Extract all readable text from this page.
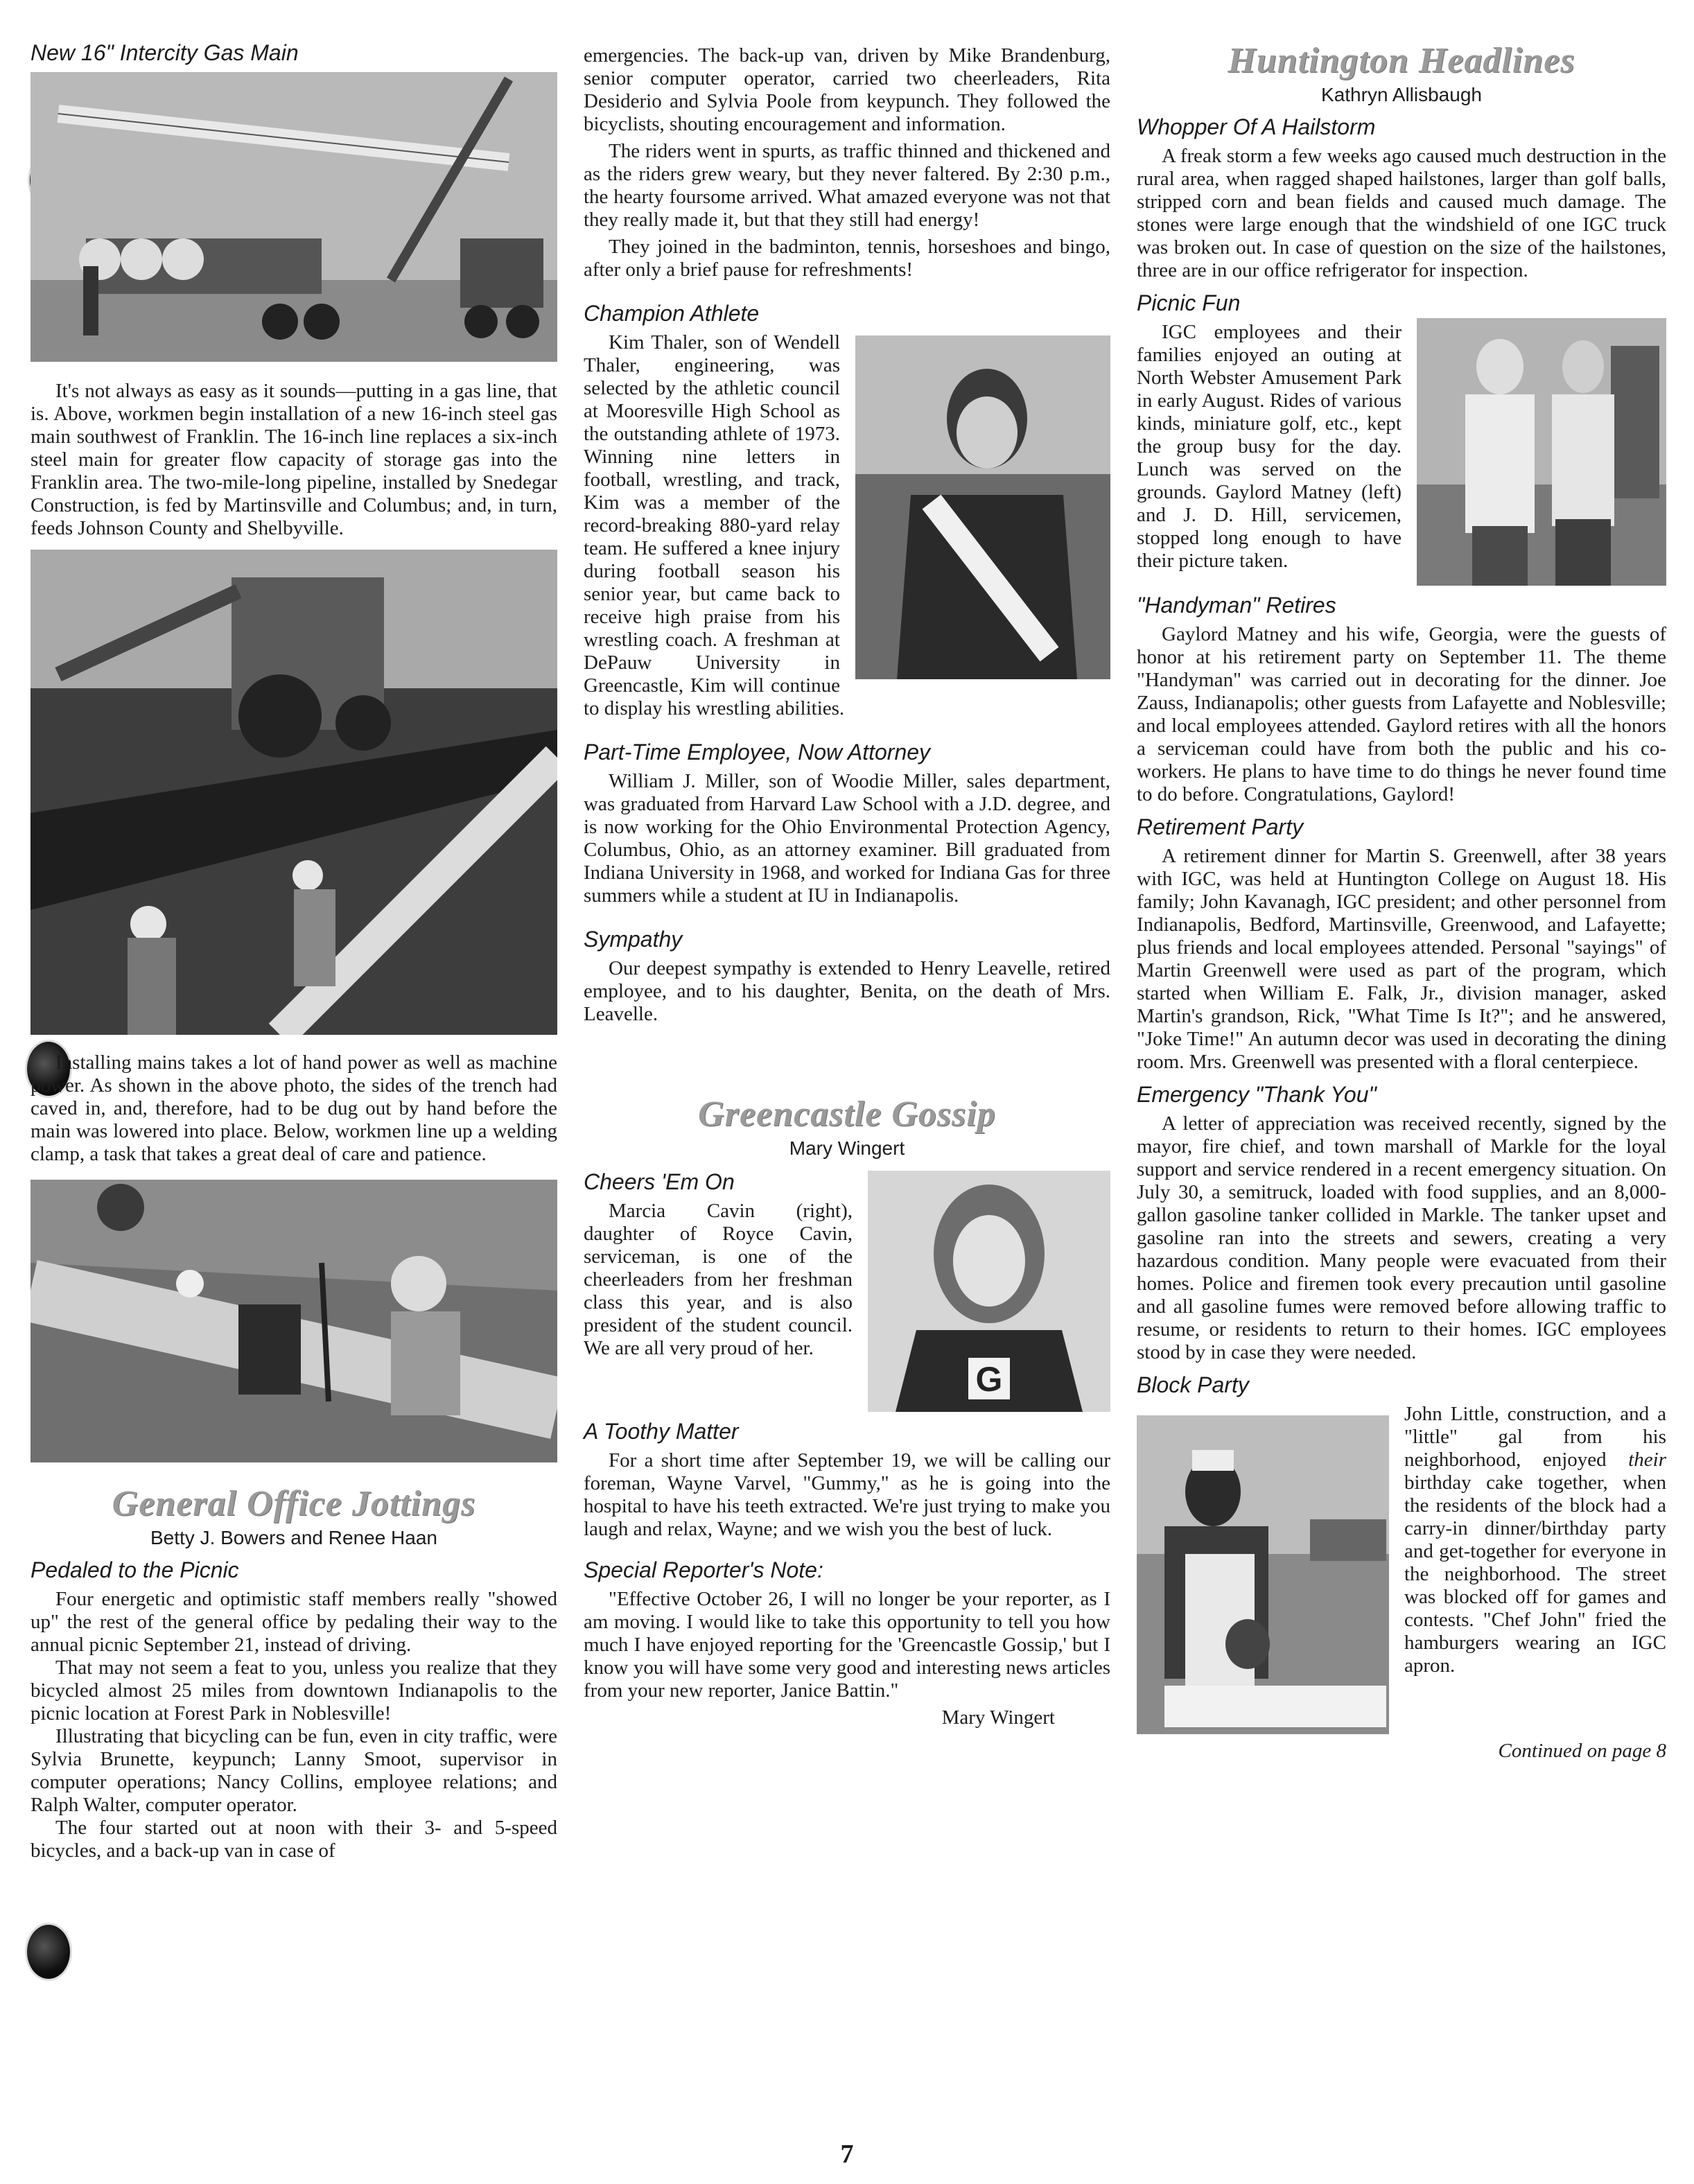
New 16" Intercity Gas Main

It's not always as easy as it sounds—putting in a gas line, that is. Above, workmen begin installation of a new 16-inch steel gas main southwest of Franklin. The 16-inch line replaces a six-inch steel main for greater flow capacity of storage gas into the Franklin area. The two-mile-long pipeline, installed by Snedegar Construction, is fed by Martinsville and Columbus; and, in turn, feeds Johnson County and Shelbyville.

Installing mains takes a lot of hand power as well as machine power. As shown in the above photo, the sides of the trench had caved in, and, therefore, had to be dug out by hand before the main was lowered into place. Below, workmen line up a welding clamp, a task that takes a great deal of care and patience.

General Office Jottings
Betty J. Bowers and Renee Haan
Pedaled to the Picnic

Four energetic and optimistic staff members really "showed up" the rest of the general office by pedaling their way to the annual picnic September 21, instead of driving.

That may not seem a feat to you, unless you realize that they bicycled almost 25 miles from downtown Indianapolis to the picnic location at Forest Park in Noblesville!

Illustrating that bicycling can be fun, even in city traffic, were Sylvia Brunette, keypunch; Lanny Smoot, supervisor in computer operations; Nancy Collins, employee relations; and Ralph Walter, computer operator.

The four started out at noon with their 3- and 5-speed bicycles, and a back-up van in case of

emergencies. The back-up van, driven by Mike Brandenburg, senior computer operator, carried two cheerleaders, Rita Desiderio and Sylvia Poole from keypunch. They followed the bicyclists, shouting encouragement and information.

The riders went in spurts, as traffic thinned and thickened and as the riders grew weary, but they never faltered. By 2:30 p.m., the hearty foursome arrived. What amazed everyone was not that they really made it, but that they still had energy!

They joined in the badminton, tennis, horseshoes and bingo, after only a brief pause for refreshments!

Champion Athlete

Kim Thaler, son of Wendell Thaler, engineering, was selected by the athletic council at Mooresville High School as the outstanding athlete of 1973. Winning nine letters in football, wrestling, and track, Kim was a member of the record-breaking 880-yard relay team. He suffered a knee injury during football season his senior year, but came back to receive high praise from his wrestling coach. A freshman at DePauw University in Greencastle, Kim will continue to display his wrestling abilities.

Part-Time Employee, Now Attorney

William J. Miller, son of Woodie Miller, sales department, was graduated from Harvard Law School with a J.D. degree, and is now working for the Ohio Environmental Protection Agency, Columbus, Ohio, as an attorney examiner. Bill graduated from Indiana University in 1968, and worked for Indiana Gas for three summers while a student at IU in Indianapolis.

Sympathy

Our deepest sympathy is extended to Henry Leavelle, retired employee, and to his daughter, Benita, on the death of Mrs. Leavelle.

Greencastle Gossip
Mary Wingert
Cheers 'Em On
G

Marcia Cavin (right), daughter of Royce Cavin, serviceman, is one of the cheerleaders from her freshman class this year, and is also president of the student council. We are all very proud of her.

A Toothy Matter

For a short time after September 19, we will be calling our foreman, Wayne Varvel, "Gummy," as he is going into the hospital to have his teeth extracted. We're just trying to make you laugh and relax, Wayne; and we wish you the best of luck.

Special Reporter's Note:

"Effective October 26, I will no longer be your reporter, as I am moving. I would like to take this opportunity to tell you how much I have enjoyed reporting for the 'Greencastle Gossip,' but I know you will have some very good and interesting news articles from your new reporter, Janice Battin."

Mary Wingert
Huntington Headlines
Kathryn Allisbaugh
Whopper Of A Hailstorm

A freak storm a few weeks ago caused much destruction in the rural area, when ragged shaped hailstones, larger than golf balls, stripped corn and bean fields and caused much damage. The stones were large enough that the windshield of one IGC truck was broken out. In case of question on the size of the hailstones, three are in our office refrigerator for inspection.

Picnic Fun

IGC employees and their families enjoyed an outing at North Webster Amusement Park in early August. Rides of various kinds, miniature golf, etc., kept the group busy for the day. Lunch was served on the grounds. Gaylord Matney (left) and J. D. Hill, servicemen, stopped long enough to have their picture taken.

"Handyman" Retires

Gaylord Matney and his wife, Georgia, were the guests of honor at his retirement party on September 11. The theme "Handyman" was carried out in decorating for the dinner. Joe Zauss, Indianapolis; other guests from Lafayette and Noblesville; and local employees attended. Gaylord retires with all the honors a serviceman could have from both the public and his co-workers. He plans to have time to do things he never found time to do before. Congratulations, Gaylord!

Retirement Party

A retirement dinner for Martin S. Greenwell, after 38 years with IGC, was held at Huntington College on August 18. His family; John Kavanagh, IGC president; and other personnel from Indianapolis, Bedford, Martinsville, Greenwood, and Lafayette; plus friends and local employees attended. Personal "sayings" of Martin Greenwell were used as part of the program, which started when William E. Falk, Jr., division manager, asked Martin's grandson, Rick, "What Time Is It?"; and he answered, "Joke Time!" An autumn decor was used in decorating the dining room. Mrs. Greenwell was presented with a floral centerpiece.

Emergency "Thank You"

A letter of appreciation was received recently, signed by the mayor, fire chief, and town marshall of Markle for the loyal support and service rendered in a recent emergency situation. On July 30, a semitruck, loaded with food supplies, and an 8,000-gallon gasoline tanker collided in Markle. The tanker upset and gasoline ran into the streets and sewers, creating a very hazardous condition. Many people were evacuated from their homes. Police and firemen took every precaution until gasoline and all gasoline fumes were removed before allowing traffic to resume, or residents to return to their homes. IGC employees stood by in case they were needed.

Block Party

John Little, construction, and a "little" gal from his neighborhood, enjoyed their birthday cake together, when the residents of the block had a carry-in dinner/birthday party and get-together for everyone in the neighborhood. The street was blocked off for games and contests. "Chef John" fried the hamburgers wearing an IGC apron.

Continued on page 8
7
